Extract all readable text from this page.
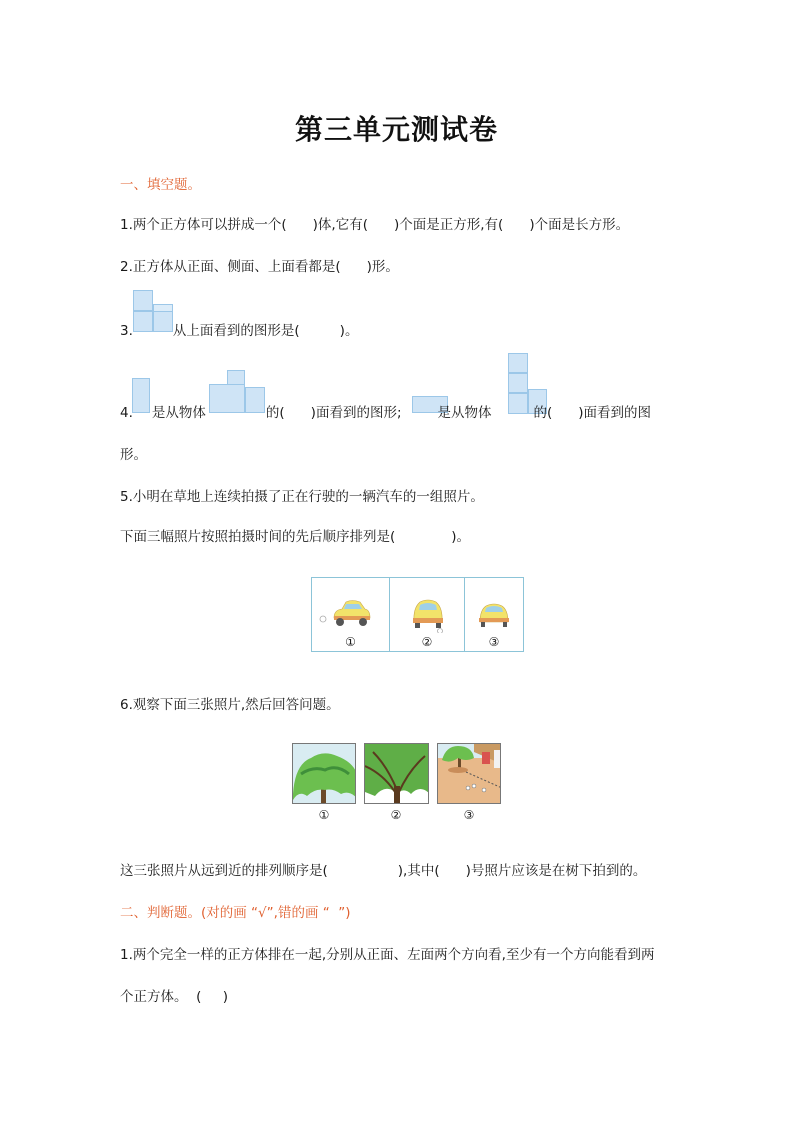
第三单元测试卷
一、填空题。
1.两个正方体可以拼成一个( )体,它有( )个面是正方形,有( )个面是长方形。
2.正方体从正面、侧面、上面看都是( )形。
3.	从上面看到的图形是(	)。
4. 是从物体	的( )面看到的图形;	是从物体	的( )面看到的图
形。
5.小明在草地上连续拍摄了正在行驶的一辆汽车的一组照片。
下面三幅照片按照拍摄时间的先后顺序排列是(	)。
①	②	③
6.观察下面三张照片,然后回答问题。
①	②	③
这三张照片从远到近的排列顺序是(	),其中( )号照片应该是在树下拍到的。
二、判断题。(对的画 “√”,错的画 “  ”)
1.两个完全一样的正方体排在一起,分别从正面、左面两个方向看,至少有一个方向能看到两
个正方体。  (     )
